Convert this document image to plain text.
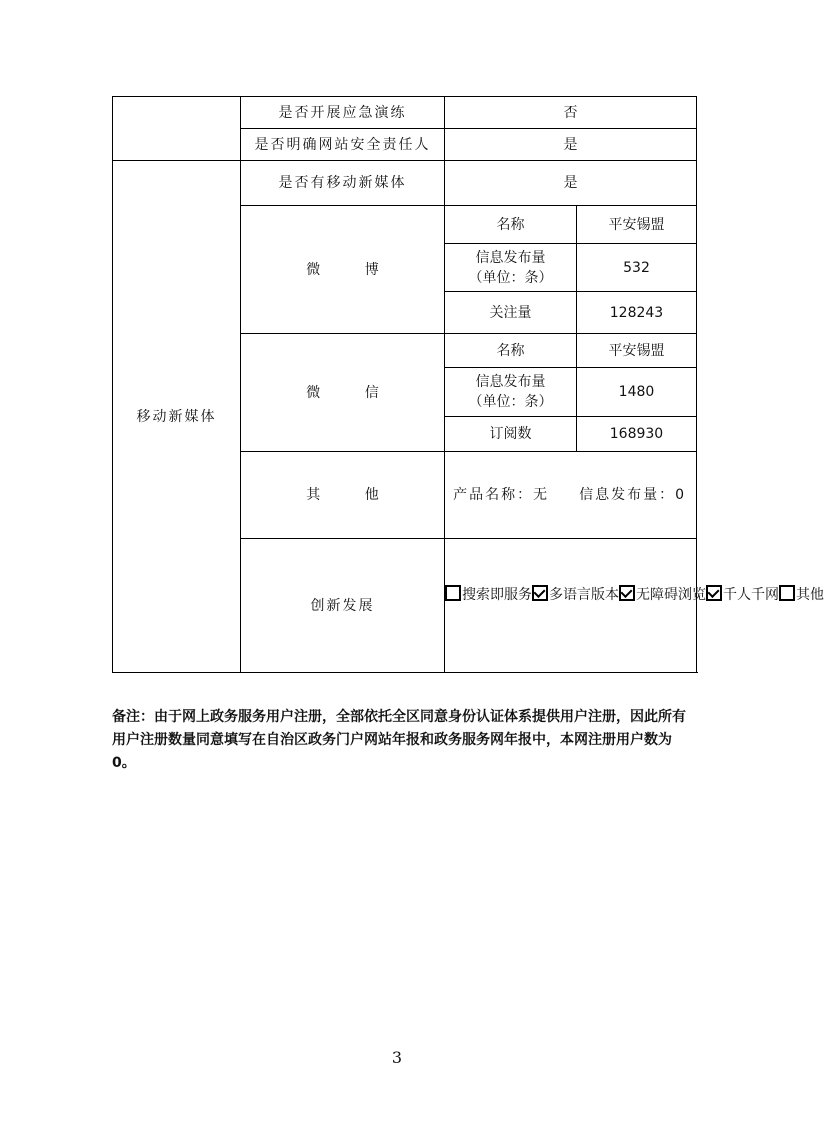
	是否开展应急演练	否	
	是否明确网站安全责任人	是	
移动新媒体	是否有移动新媒体	是	
	微 博	名称	平安锡盟

		信息发布量
（单位：条）	532
		关注量	128243
	微 信	名称	平安锡盟

		信息发布量
（单位：条）	1480
		订阅数	168930
	其 他	产品名称：无 信息发布量：0	
	创新发展	搜索即服务 多语言版本 无障碍浏览 千人千网 其他	

备注：由于网上政务服务用户注册，全部依托全区同意身份认证体系提供用户注册，因此所有用户注册数量同意填写在自治区政务门户网站年报和政务服务网年报中，本网注册用户数为 0。

3
